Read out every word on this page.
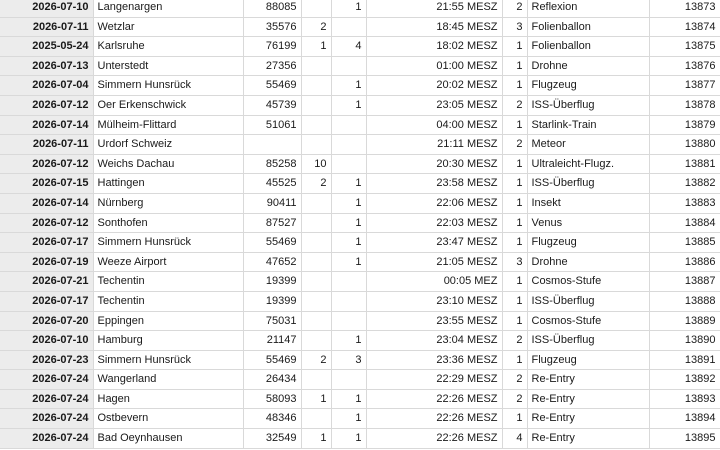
2026-07-10	Langenargen	88085		1	21:55 MESZ	2	Reflexion	13873
2026-07-11	Wetzlar	35576	2		18:45 MESZ	3	Folienballon	13874
2025-05-24	Karlsruhe	76199	1	4	18:02 MESZ	1	Folienballon	13875
2026-07-13	Unterstedt	27356			01:00 MESZ	1	Drohne	13876
2026-07-04	Simmern Hunsrück	55469		1	20:02 MESZ	1	Flugzeug	13877
2026-07-12	Oer Erkenschwick	45739		1	23:05 MESZ	2	ISS-Überflug	13878
2026-07-14	Mülheim-Flittard	51061			04:00 MESZ	1	Starlink-Train	13879
2026-07-11	Urdorf Schweiz				21:11 MESZ	2	Meteor	13880
2026-07-12	Weichs Dachau	85258	10		20:30 MESZ	1	Ultraleicht-Flugz.	13881
2026-07-15	Hattingen	45525	2	1	23:58 MESZ	1	ISS-Überflug	13882
2026-07-14	Nürnberg	90411		1	22:06 MESZ	1	Insekt	13883
2026-07-12	Sonthofen	87527		1	22:03 MESZ	1	Venus	13884
2026-07-17	Simmern Hunsrück	55469		1	23:47 MESZ	1	Flugzeug	13885
2026-07-19	Weeze Airport	47652		1	21:05 MESZ	3	Drohne	13886
2026-07-21	Techentin	19399			00:05 MEZ	1	Cosmos-Stufe	13887
2026-07-17	Techentin	19399			23:10 MESZ	1	ISS-Überflug	13888
2026-07-20	Eppingen	75031			23:55 MESZ	1	Cosmos-Stufe	13889
2026-07-10	Hamburg	21147		1	23:04 MESZ	2	ISS-Überflug	13890
2026-07-23	Simmern Hunsrück	55469	2	3	23:36 MESZ	1	Flugzeug	13891
2026-07-24	Wangerland	26434			22:29 MESZ	2	Re-Entry	13892
2026-07-24	Hagen	58093	1	1	22:26 MESZ	2	Re-Entry	13893
2026-07-24	Ostbevern	48346		1	22:26 MESZ	1	Re-Entry	13894
2026-07-24	Bad Oeynhausen	32549	1	1	22:26 MESZ	4	Re-Entry	13895
